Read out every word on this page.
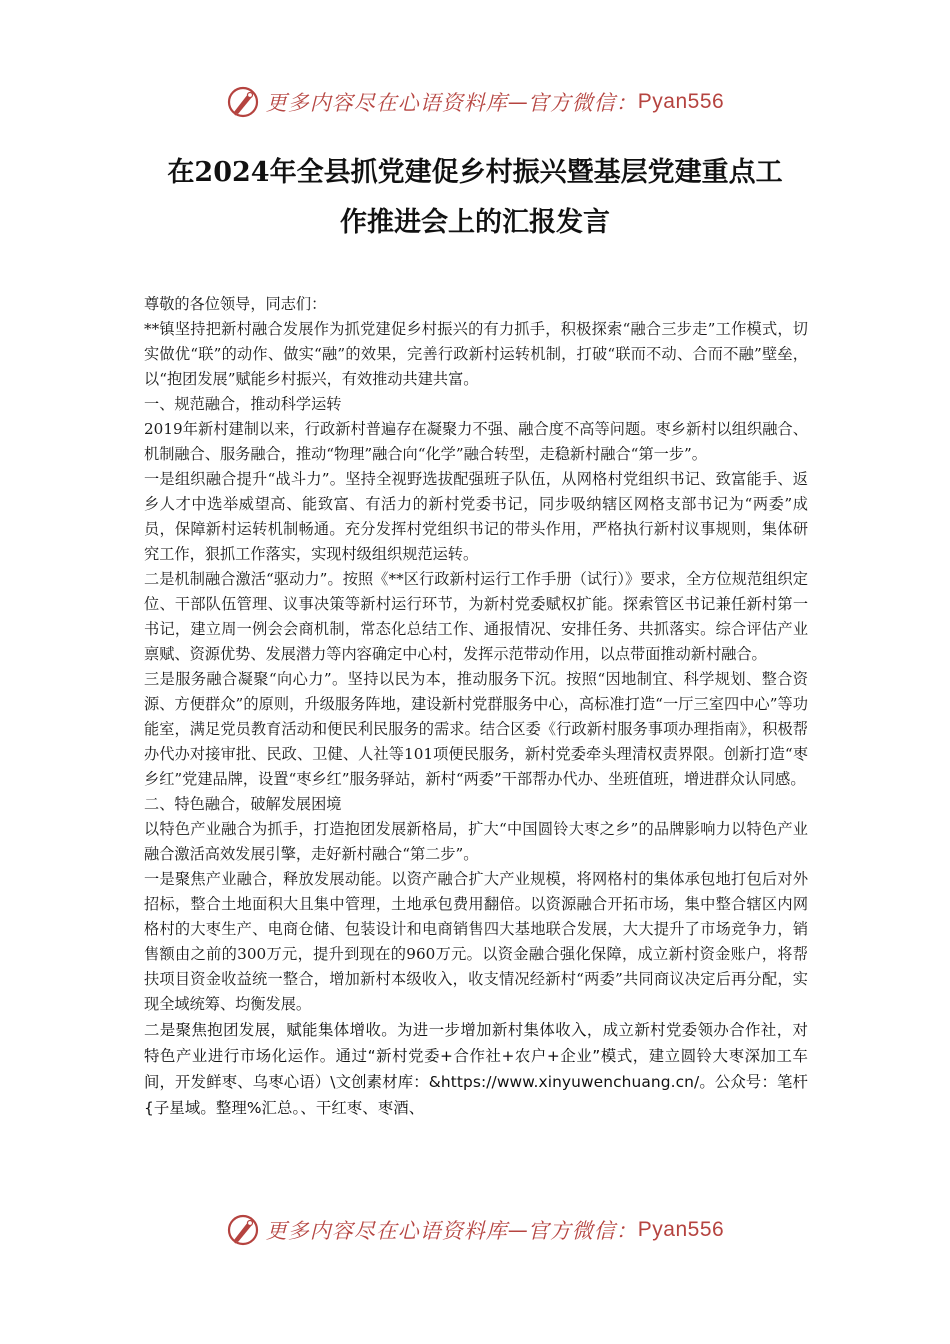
更多内容尽在心语资料库 — 官方微信： Pyan556
在2024年全县抓党建促乡村振兴暨基层党建重点工
作推进会上的汇报发言

尊敬的各位领导，同志们：

**镇坚持把新村融合发展作为抓党建促乡村振兴的有力抓手，积极探索“融合三步走”工作模式，切实做优“联”的动作、做实“融”的效果，完善行政新村运转机制，打破“联而不动、合而不融”壁垒，以“抱团发展”赋能乡村振兴，有效推动共建共富。

一、规范融合，推动科学运转

2019年新村建制以来，行政新村普遍存在凝聚力不强、融合度不高等问题。枣乡新村以组织融合、机制融合、服务融合，推动“物理”融合向“化学”融合转型，走稳新村融合“第一步”。

一是组织融合提升“战斗力”。坚持全视野选拔配强班子队伍，从网格村党组织书记、致富能手、返乡人才中选举威望高、能致富、有活力的新村党委书记，同步吸纳辖区网格支部书记为“两委”成员，保障新村运转机制畅通。充分发挥村党组织书记的带头作用，严格执行新村议事规则，集体研究工作，狠抓工作落实，实现村级组织规范运转。

二是机制融合激活“驱动力”。按照《**区行政新村运行工作手册（试行）》要求，全方位规范组织定位、干部队伍管理、议事决策等新村运行环节，为新村党委赋权扩能。探索管区书记兼任新村第一书记，建立周一例会会商机制，常态化总结工作、通报情况、安排任务、共抓落实。综合评估产业禀赋、资源优势、发展潜力等内容确定中心村，发挥示范带动作用，以点带面推动新村融合。

三是服务融合凝聚“向心力”。坚持以民为本，推动服务下沉。按照“因地制宜、科学规划、整合资源、方便群众”的原则，升级服务阵地，建设新村党群服务中心，高标准打造“一厅三室四中心”等功能室，满足党员教育活动和便民利民服务的需求。结合区委《行政新村服务事项办理指南》，积极帮办代办对接审批、民政、卫健、人社等101项便民服务，新村党委牵头理清权责界限。创新打造“枣乡红”党建品牌，设置“枣乡红”服务驿站，新村“两委”干部帮办代办、坐班值班，增进群众认同感。

二、特色融合，破解发展困境

以特色产业融合为抓手，打造抱团发展新格局，扩大“中国圆铃大枣之乡”的品牌影响力以特色产业融合激活高效发展引擎，走好新村融合“第二步”。

一是聚焦产业融合，释放发展动能。以资产融合扩大产业规模，将网格村的集体承包地打包后对外招标，整合土地面积大且集中管理，土地承包费用翻倍。以资源融合开拓市场，集中整合辖区内网格村的大枣生产、电商仓储、包装设计和电商销售四大基地联合发展，大大提升了市场竞争力，销售额由之前的300万元，提升到现在的960万元。以资金融合强化保障，成立新村资金账户，将帮扶项目资金收益统一整合，增加新村本级收入，收支情况经新村“两委”共同商议决定后再分配，实现全域统筹、均衡发展。

二是聚焦抱团发展，赋能集体增收。为进一步增加新村集体收入，成立新村党委领办合作社，对特色产业进行市场化运作。通过“新村党委+合作社+农户+企业”模式，建立圆铃大枣深加工车间，开发鲜枣、乌枣心语）\文创素材库：&https://www.xinyuwenchuang.cn/。公众号：笔杆{子星域。整理%汇总。、干红枣、枣酒、

更多内容尽在心语资料库 — 官方微信： Pyan556
